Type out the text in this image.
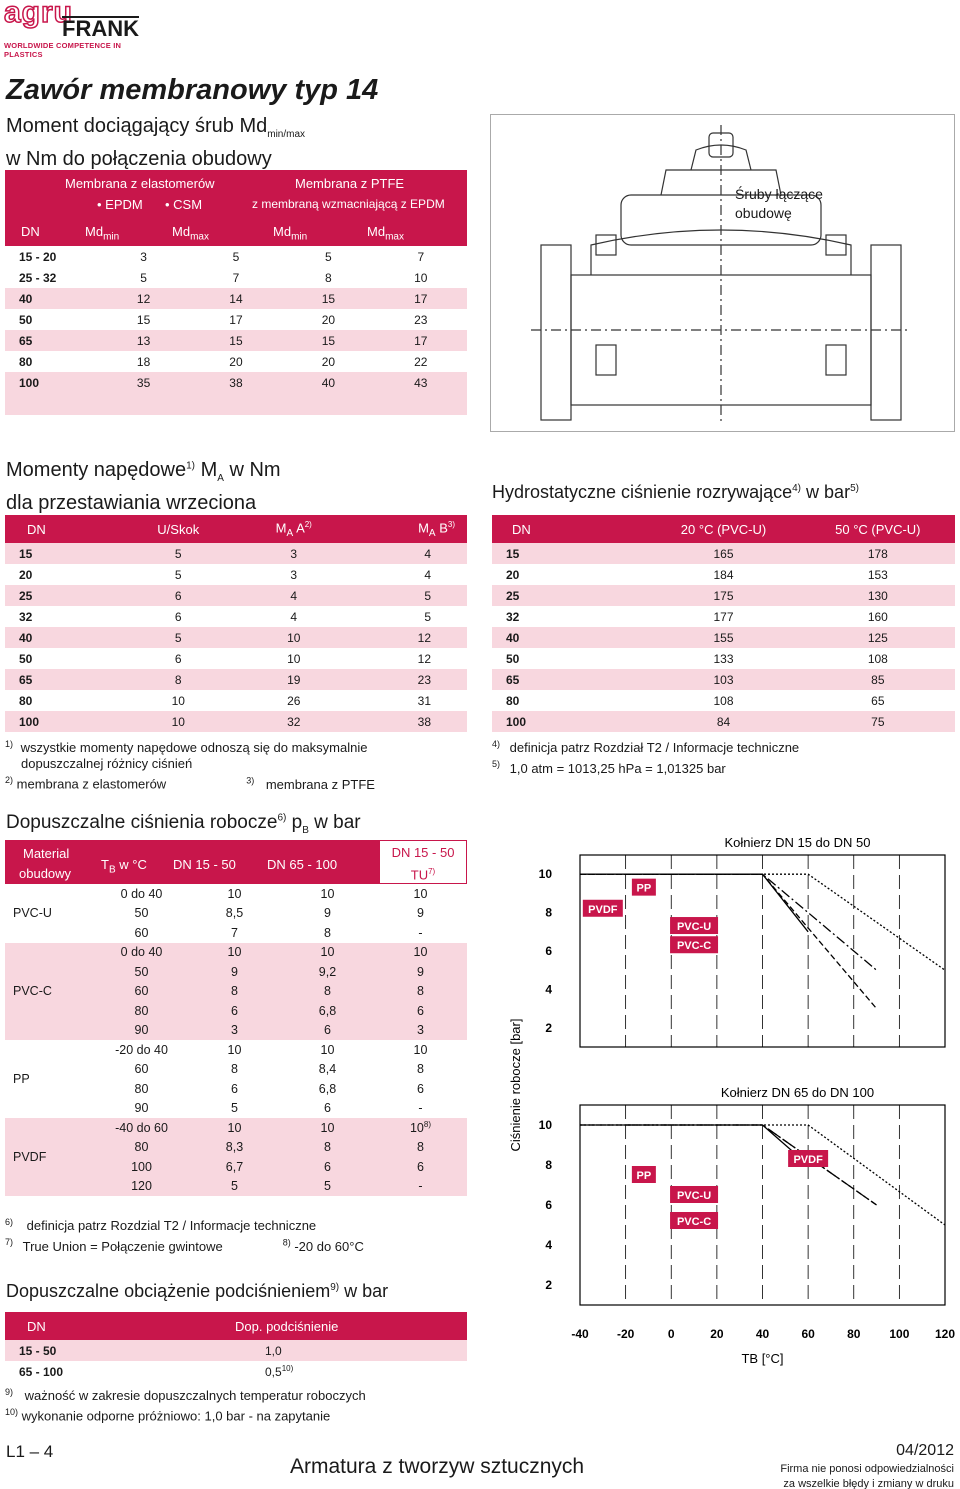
agru
FRANK
WORLDWIDE COMPETENCE IN PLASTICS
Zawór membranowy typ 14
Moment dociągający śrub $Md_{min/max}$
w Nm do połączenia obudowy
Membrana z elastomerów	Membrana z PTFE
• EPDM • CSM	z membraną wzmacniającą z EPDM
DN	$Md_{min}$	$Md_{max}$	$Md_{min}$	$Md_{max}$
15 - 20	3	5	5	7
25 - 32	5	7	8	10
40	12	14	15	17
50	15	17	20	23
65	13	15	15	17
80	18	20	20	22
100	35	38	40	43
Śruby łączące
obudowę
Momenty napędowe$^{1)}$ $M_A$ w Nm
dla przestawiania wrzeciona
DN	U/Skok	$M_A$ $A^{2)}$	$M_A$ $B^{3)}$
15	5	3	4
20	5	3	4
25	6	4	5
32	6	4	5
40	5	10	12
50	6	10	12
65	8	19	23
80	10	26	31
100	10	32	38
$^{1)}$ wszystkie momenty napędowe odnoszą się do maksymalnie
dopuszczalnej różnicy ciśnień
$^{2)}$ membrana z elastomerów	$^{3)}$ membrana z PTFE
Hydrostatyczne ciśnienie rozrywające$^{4)}$ w bar$^{5)}$
DN	20 °C (PVC-U)	50 °C (PVC-U)
15	165	178
20	184	153
25	175	130
32	177	160
40	155	125
50	133	108
65	103	85
80	108	65
100	84	75
$^{4)}$ definicja patrz Rozdział T2 / Informacje techniczne
$^{5)}$ 1,0 atm = 1013,25 hPa = 1,01325 bar
Dopuszczalne ciśnienia robocze$^{6)}$ $p_B$ w bar
Material
obudowy
$T_B$ w °C DN 15 - 50 DN 65 - 100
DN 15 - 50
TU$^{7)}$
PVC-U	0 do 40	10	10	10
	50	8,5	9	9
	60	7	8	-
PVC-C	0 do 40	10	10	10
	50	9	9,2	9
	60	8	8	8
	80	6	6,8	6
	90	3	6	3
PP	-20 do 40	10	10	10
	60	8	8,4	8
	80	6	6,8	6
	90	5	6	-
PVDF	-40 do 60	10	10	10$^{8)}$
	80	8,3	8	8
	100	6,7	6	6
	120	5	5	-
$^{6)}$ definicja patrz Rozdzial T2 / Informacje techniczne
$^{7)}$ True Union = Połączenie gwintowe	$^{8)}$ -20 do 60°C
Dopuszczalne obciążenie podciśnieniem$^{9)}$ w bar
DN	Dop. podciśnienie
15 - 50	1,0
65 - 100	0,5$^{10)}$
$^{9)}$ ważność w zakresie dopuszczalnych temperatur roboczych
$^{10)}$ wykonanie odporne próżniowo: 1,0 bar - na zapytanie
Kołnierz DN 15 do DN 50
2
4
6
8
10
PVDF
PP
PVC-U
PVC-C
Kołnierz DN 65 do DN 100
2
4
6
8
10
PP
PVDF
PVC-U
PVC-C
-40 -20	0	20	40	60	80 100 120
TB [°C]
Ciśnienie robocze [bar]
L1 – 4
Armatura z tworzyw sztucznych
04/2012
Firma nie ponosi odpowiedzialności
za wszelkie błędy i zmiany w druku
